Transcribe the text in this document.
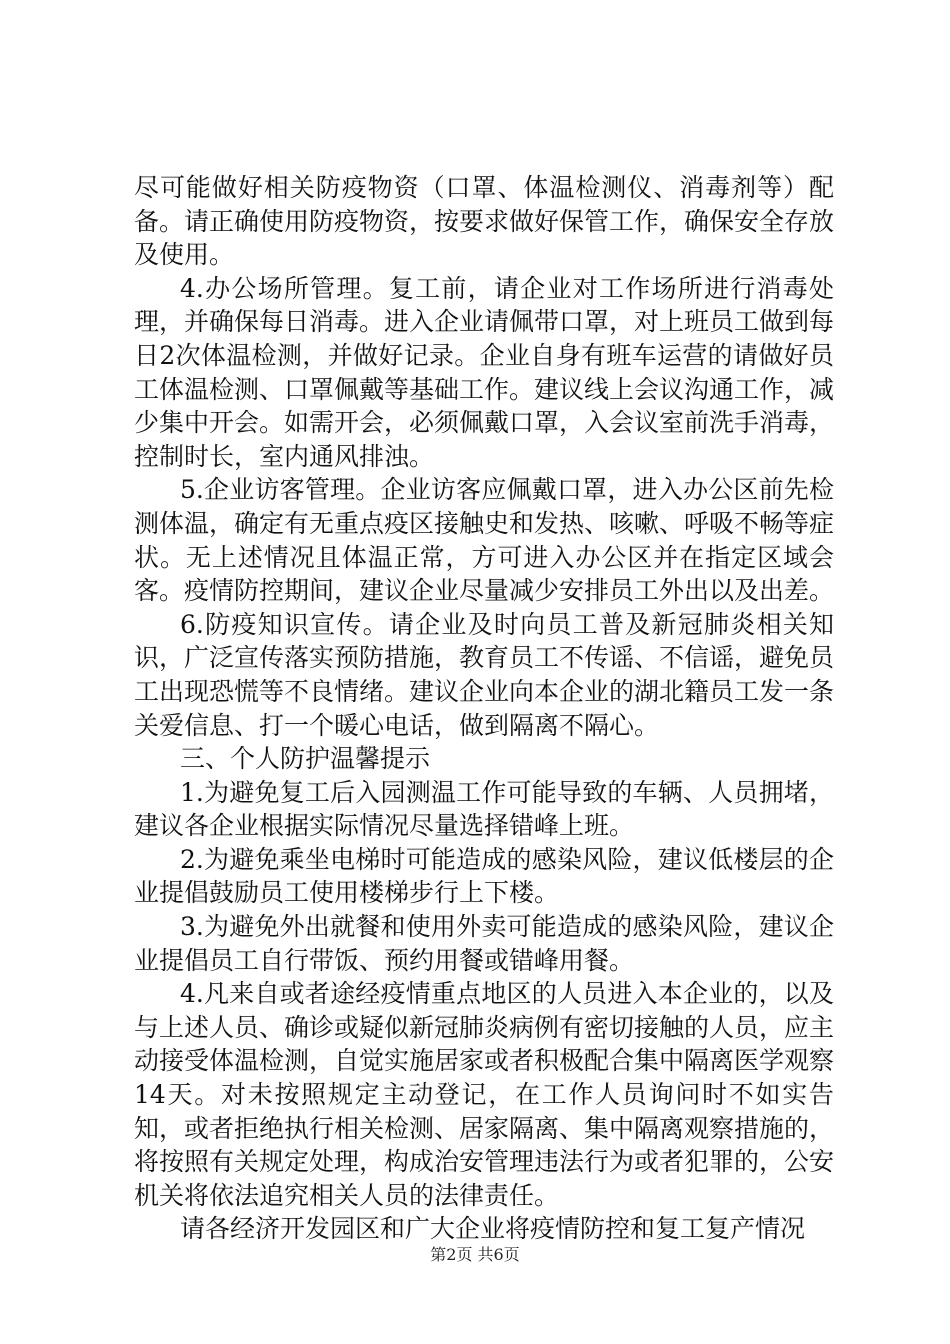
尽可能做好相关防疫物资（口罩、体温检测仪、消毒剂等）配备。请正确使用防疫物资，按要求做好保管工作，确保安全存放及使用。

4.办公场所管理。复工前，请企业对工作场所进行消毒处理，并确保每日消毒。进入企业请佩带口罩，对上班员工做到每日2次体温检测，并做好记录。企业自身有班车运营的请做好员工体温检测、口罩佩戴等基础工作。建议线上会议沟通工作，减少集中开会。如需开会，必须佩戴口罩，入会议室前洗手消毒，控制时长，室内通风排浊。

5.企业访客管理。企业访客应佩戴口罩，进入办公区前先检测体温，确定有无重点疫区接触史和发热、咳嗽、呼吸不畅等症状。无上述情况且体温正常，方可进入办公区并在指定区域会客。疫情防控期间，建议企业尽量减少安排员工外出以及出差。

6.防疫知识宣传。请企业及时向员工普及新冠肺炎相关知识，广泛宣传落实预防措施，教育员工不传谣、不信谣，避免员工出现恐慌等不良情绪。建议企业向本企业的湖北籍员工发一条关爱信息、打一个暖心电话，做到隔离不隔心。

三、个人防护温馨提示

1.为避免复工后入园测温工作可能导致的车辆、人员拥堵，建议各企业根据实际情况尽量选择错峰上班。

2.为避免乘坐电梯时可能造成的感染风险，建议低楼层的企业提倡鼓励员工使用楼梯步行上下楼。

3.为避免外出就餐和使用外卖可能造成的感染风险，建议企业提倡员工自行带饭、预约用餐或错峰用餐。

4.凡来自或者途经疫情重点地区的人员进入本企业的，以及与上述人员、确诊或疑似新冠肺炎病例有密切接触的人员，应主动接受体温检测，自觉实施居家或者积极配合集中隔离医学观察14天。对未按照规定主动登记，在工作人员询问时不如实告知，或者拒绝执行相关检测、居家隔离、集中隔离观察措施的，将按照有关规定处理，构成治安管理违法行为或者犯罪的，公安机关将依法追究相关人员的法律责任。

请各经济开发园区和广大企业将疫情防控和复工复产情况

第2页 共6页
